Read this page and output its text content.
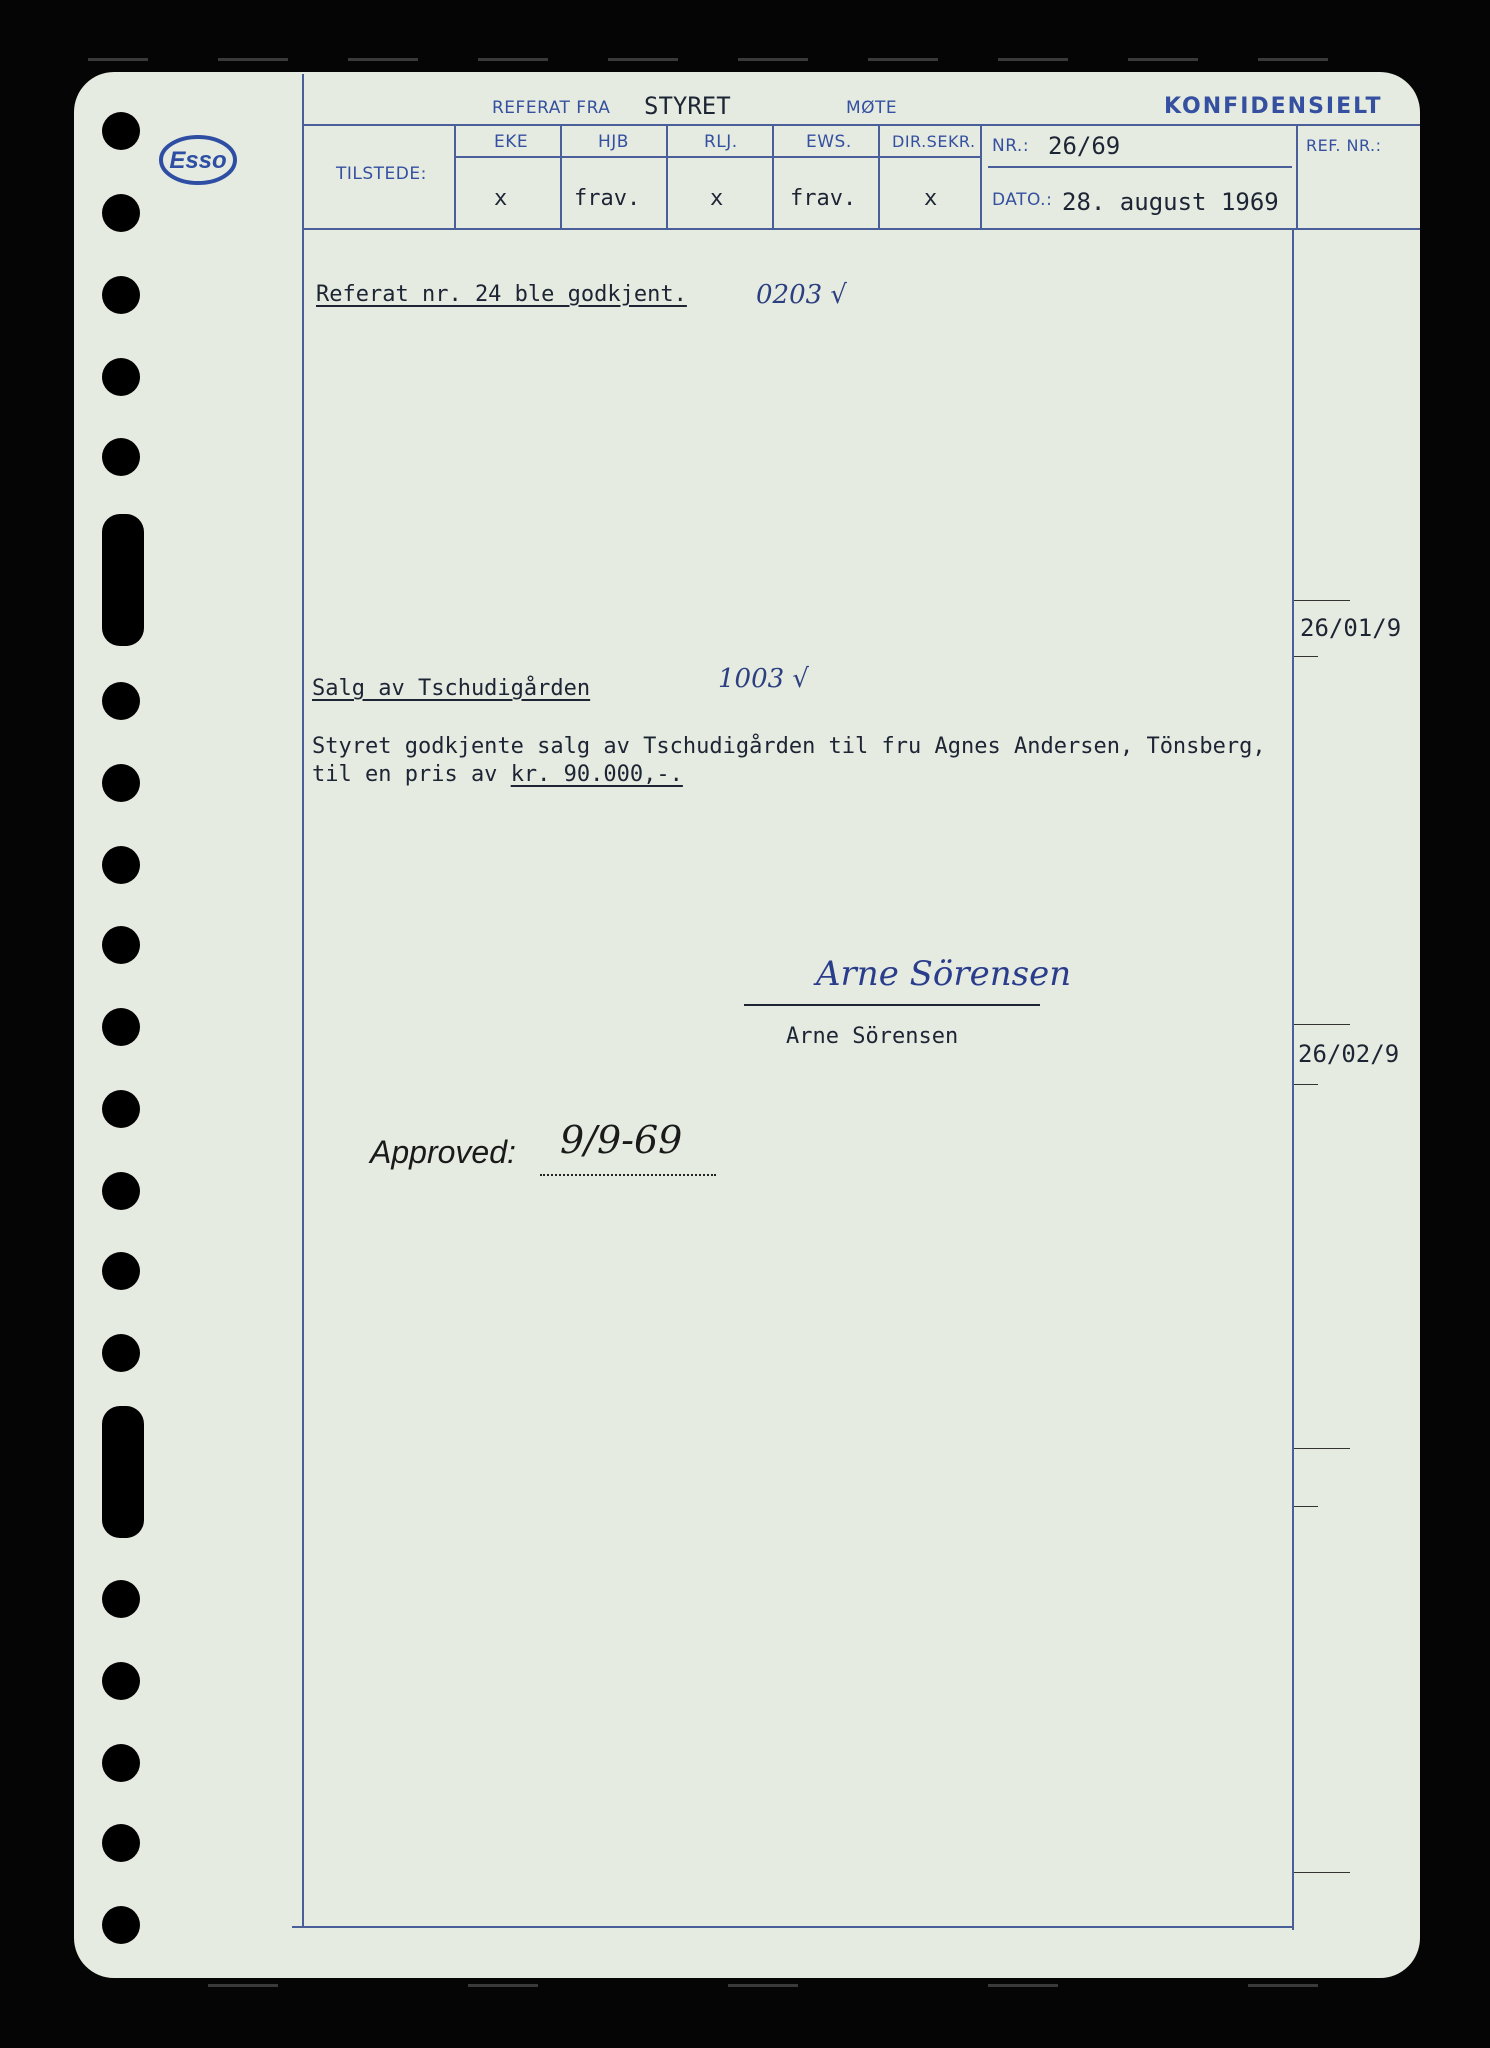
Esso
REFERAT FRA STYRET	MØTE	KONFIDENSIELT
TILSTEDE:
EKE	HJB	RLJ.	EWS.	DIR.SEKR.
x	frav.	x	frav.	x
NR.: 26/69
DATO.: 28. august 1969
REF. NR.:
Referat nr. 24 ble godkjent.	0203 √
Salg av Tschudigården	1003 √
Styret godkjente salg av Tschudigården til fru Agnes Andersen, Tönsberg,
til en pris av kr. 90.000,-.
26/01/9
26/02/9
Arne Sörensen
Arne Sörensen
Approved: 9/9-69
